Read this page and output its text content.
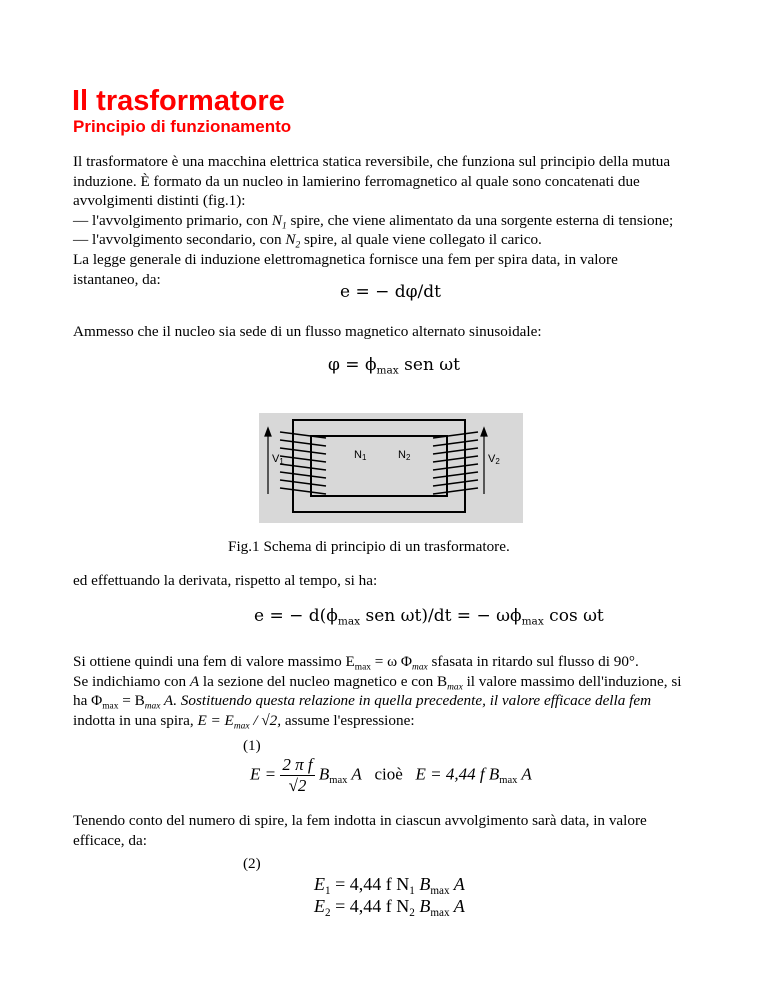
Il trasformatore
Principio di funzionamento
Il trasformatore è una macchina elettrica statica reversibile, che funziona sul principio della mutua
induzione. È formato da un nucleo in lamierino ferromagnetico al quale sono concatenati due
avvolgimenti distinti (fig.1):
— l'avvolgimento primario, con $N_1$ spire, che viene alimentato da una sorgente esterna di tensione;
— l'avvolgimento secondario, con $N_2$ spire, al quale viene collegato il carico.
La legge generale di induzione elettromagnetica fornisce una fem per spira data, in valore
istantaneo, da:
e = − dφ/dt

Ammesso che il nucleo sia sede di un flusso magnetico alternato sinusoidale:

$\varphi = \phi_{max}$ sen ωt
V1
N1	N2	V2
Fig.1 Schema di principio di un trasformatore.

ed effettuando la derivata, rispetto al tempo, si ha:

e = − $d(\phi_{max}$ sen ωt)/dt = − $\omega\phi_{max}$ cos ωt
Si ottiene quindi una fem di valore massimo $E_{max} = \omega$ $\Phi_{max}$ sfasata in ritardo sul flusso di 90°.
Se indichiamo con A la sezione del nucleo magnetico e con $B_{max}$ il valore massimo dell'induzione, si
ha $\Phi_{max} = B_{max}$ A. Sostituendo questa relazione in quella precedente, il valore efficace della fem
indotta in una spira, $E = E_{max} / √2$, assume l'espressione:
(1)
$E = \frac{\text{2 π f}}{√2} B_{max}$ A cioè E = 4,44 f $B_{max}$ A
Tenendo conto del numero di spire, la fem indotta in ciascun avvolgimento sarà data, in valore
efficace, da:
(2)
$E_1 = 4,44$ f $N_1$ $B_{max}$ A
$E_2 = 4,44$ f $N_2$ $B_{max}$ A
